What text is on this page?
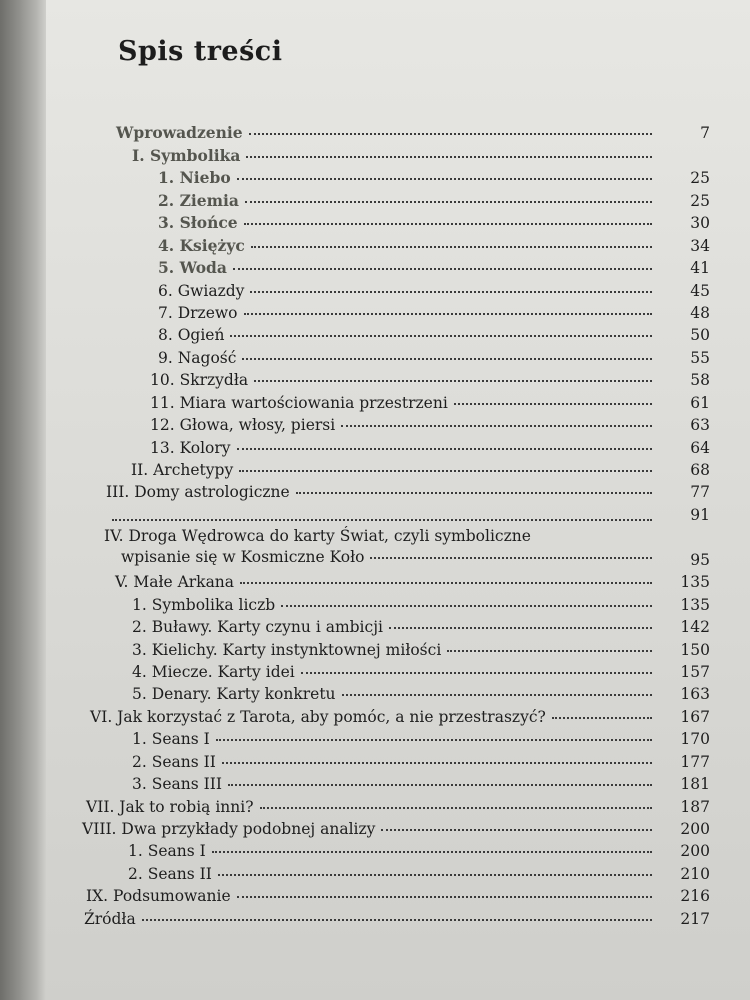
Spis treści
Wprowadzenie	7
I. Symbolika
1. Niebo	25
2. Ziemia	25
3. Słońce	30
4. Księżyc	34
5. Woda	41
6. Gwiazdy	45
7. Drzewo	48
8. Ogień	50
9. Nagość	55
10. Skrzydła	58
11. Miara wartościowania przestrzeni	61
12. Głowa, włosy, piersi	63
13. Kolory	64
II. Archetypy	68
III. Domy astrologiczne	77
91
IV. Droga Wędrowca do karty Świat, czyli symboliczne
wpisanie się w Kosmiczne Koło	95
V. Małe Arkana	135
1. Symbolika liczb	135
2. Buławy. Karty czynu i ambicji	142
3. Kielichy. Karty instynktownej miłości	150
4. Miecze. Karty idei	157
5. Denary. Karty konkretu	163
VI. Jak korzystać z Tarota, aby pomóc, a nie przestraszyć?	167
1. Seans I	170
2. Seans II	177
3. Seans III	181
VII. Jak to robią inni?	187
VIII. Dwa przykłady podobnej analizy	200
1. Seans I	200
2. Seans II	210
IX. Podsumowanie	216
Źródła	217
